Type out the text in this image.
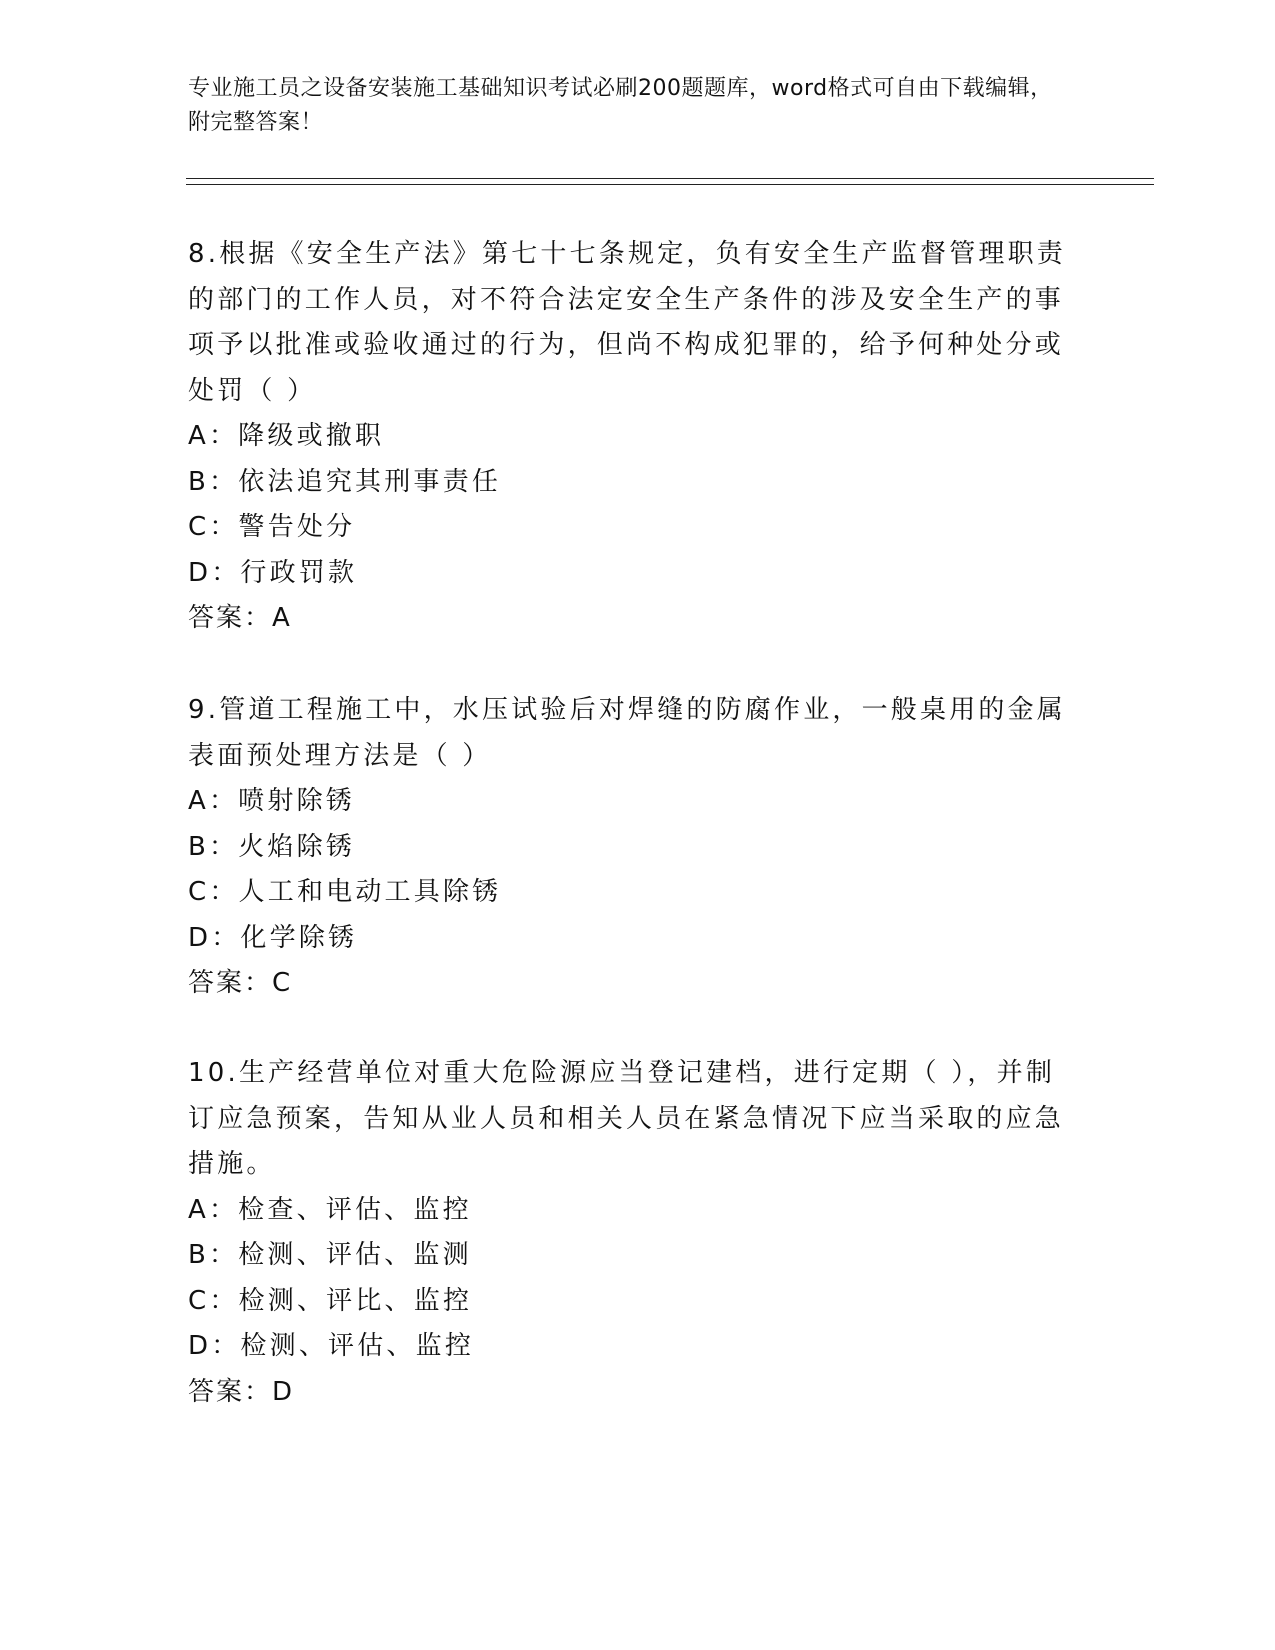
专业施工员之设备安装施工基础知识考试必刷200题题库，word格式可自由下载编辑，附完整答案！

8.根据《安全生产法》第七十七条规定，负有安全生产监督管理职责的部门的工作人员，对不符合法定安全生产条件的涉及安全生产的事项予以批准或验收通过的行为，但尚不构成犯罪的，给予何种处分或处罚（ ）

A：降级或撤职
B：依法追究其刑事责任
C：警告处分
D：行政罚款
答案：A

9.管道工程施工中，水压试验后对焊缝的防腐作业，一般桌用的金属表面预处理方法是（ ）

A：喷射除锈
B：火焰除锈
C：人工和电动工具除锈
D：化学除锈
答案：C

10.生产经营单位对重大危险源应当登记建档，进行定期（ ），并制订应急预案，告知从业人员和相关人员在紧急情况下应当采取的应急措施。

A：检查、评估、监控
B：检测、评估、监测
C：检测、评比、监控
D：检测、评估、监控
答案：D
